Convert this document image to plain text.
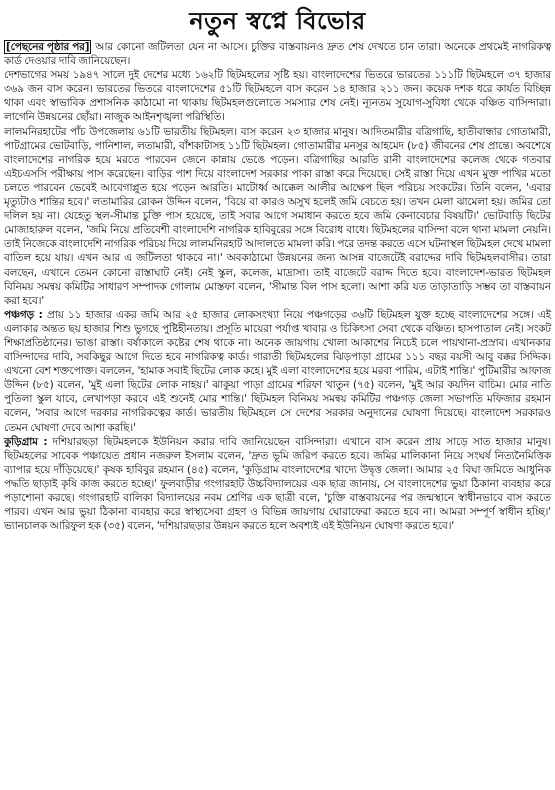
নতুন স্বপ্নে বিভোর

[পেছনের পৃষ্ঠার পর] আর কোনো জটিলতা যেন না আসে। চুক্তির বাস্তবায়নও দ্রুত শেষ দেখতে চান তারা। অনেকে প্রথমেই নাগরিকত্ব কার্ড দেওয়ার দাবি জানিয়েছেন।

দেশভাগের সময় ১৯৪৭ সালে দুই দেশের মধ্যে ১৬২টি ছিটমহলের সৃষ্টি হয়। বাংলাদেশের ভিতরে ভারতের ১১১টি ছিটমহলে ৩৭ হাজার ৩৬৯ জন বাস করেন। ভারতের ভিতরে বাংলাদেশের ৫১টি ছিটমহলে বাস করেন ১৪ হাজার ২১১ জন। কয়েক দশক ধরে কার্যত বিচ্ছিন্ন থাকা এবং স্বাভাবিক প্রশাসনিক কাঠামো না থাকায় ছিটমহলগুলোতে সমস্যার শেষ নেই। ন্যূনতম সুযোগ-সুবিধা থেকে বঞ্চিত বাসিন্দারা। লাগেনি উন্নয়নের ছোঁয়া। নাজুক আইনশৃঙ্খলা পরিস্থিতি।

লালমনিরহাটের পাঁচ উপজেলায় ৬১টি ভারতীয় ছিটমহল। বাস করেন ২৩ হাজার মানুষ। আদিতমারীর বত্রিগাছি, হাতীবান্ধার গোতামারী, পাটগ্রামের ভোটবাড়ি, পানিশাল, লতামারী, বাঁশকাটাসহ ১১টি ছিটমহল। গোতামারীর মনসুর আহমেদ (৮৫) জীবনের শেষ প্রান্তে। অবশেষে বাংলাদেশের নাগরিক হয়ে মরতে পারবেন জেনে কান্নায় ভেঙে পড়েন। বত্রিগাছির আরতি রানী বাংলাদেশের কলেজ থেকে গতবার এইচএসসি পরীক্ষায় পাস করেছেন। বাড়ির পাশ দিয়ে বাংলাদেশ সরকার পাকা রাস্তা করে দিয়েছে। সেই রাস্তা দিয়ে এখন মুক্ত পাখির মতো চলতে পারবেন ভেবেই আবেগাপ্লুত হয়ে পড়েন আরতি। মাটোর্ধ্ব আক্কেল আলীর আক্ষেপ ছিল পরিচয় সংকটের। তিনি বলেন, 'এবার মৃত্যুটাও শান্তির হবে।' লতামারির রোকন উদ্দিন বলেন, 'বিয়ে বা কারও অসুখ হলেই জমি বেচতে হয়। তখন মেলা ঝামেলা হয়। জমির তো দলিল হয় না। যেহেতু স্থল-সীমান্ত চুক্তি পাস হয়েছে, তাই সবার আগে সমাধান করতে হবে জমি কেনাবেচার বিষয়টি।' ভোটবাড়ি ছিটের মোজাহারুল বলেন, 'জমি নিয়ে প্রতিবেশী বাংলাদেশি নাগরিক হাবিবুরের সঙ্গে বিরোধ বাধে। ছিটমহলের বাসিন্দা বলে থানা মামলা নেয়নি। তাই নিজেকে বাংলাদেশি নাগরিক পরিচয় দিয়ে লালমনিরহাট আদালতে মামলা করি। পরে তদন্ত করতে এসে ঘটনাস্থল ছিটমহল দেখে মামলা বাতিল হয়ে যায়। এখন আর এ জটিলতা থাকবে না।' অবকাঠামো উন্নয়নের জন্য আসন্ন বাজেটেই বরাদ্দের দাবি ছিটমহলবাসীর। তারা বলছেন, এখানে তেমন কোনো রাস্তাঘাট নেই। নেই স্কুল, কলেজ, মাদ্রাসা। তাই বাজেটে বরাদ্দ দিতে হবে। বাংলাদেশ-ভারত ছিটমহল বিনিময় সমন্বয় কমিটির সাধারণ সম্পাদক গোলাম মোস্তফা বলেন, 'সীমান্ত বিল পাস হলো। আশা করি যত তাড়াতাড়ি সম্ভব তা বাস্তবায়ন করা হবে।'

পঞ্চগড় : প্রায় ১১ হাজার একর জমি আর ২৫ হাজার লোকসংখ্যা নিয়ে পঞ্চগড়ের ৩৬টি ছিটমহল যুক্ত হচ্ছে বাংলাদেশের সঙ্গে। এই এলাকার অন্তত ছয় হাজার শিশু ভুগছে পুষ্টিহীনতায়। প্রসূতি মায়েরা পর্যাপ্ত খাবার ও চিকিৎসা সেবা থেকে বঞ্চিত। হাসপাতাল নেই। সংকট শিক্ষাপ্রতিষ্ঠানের। ভাঙা রাস্তা। বর্ষাকালে কষ্টের শেষ থাকে না। অনেক জায়গায় খোলা আকাশের নিচেই চলে পায়খানা-প্রস্রাব। এখানকার বাসিন্দাদের দাবি, সবকিছুর আগে দিতে হবে নাগরিকত্ব কার্ড। গারাতী ছিটমহলের ঝিড়পাড়া গ্রামের ১১১ বছর বয়সী আবু বক্কর সিদ্দিক। এখনো বেশ শক্তপোক্ত। বললেন, 'হামাক সবাই ছিটের লোক কহে। মুই এলা বাংলাদেশের হয়ে মরবা পারিম, এটাই শান্তি।' পুটিমারীর আফাজ উদ্দিন (৮৫) বলেন, 'মুই এলা ছিটের লোক নাহয়।' ঝাকুয়া পাড়া গ্রামের শরিফা খাতুন (৭৫) বলেন, 'মুই আর কয়দিন বাচিম। মোর নাতি পুতিলা স্কুল যাবে, লেখাপড়া করবে এই শুনেই মোর শান্তি।' ছিটমহল বিনিময় সমন্বয় কমিটির পঞ্চগড় জেলা সভাপতি মফিজার রহমান বলেন, 'সবার আগে দরকার নাগরিকত্বের কার্ড। ভারতীয় ছিটমহলে সে দেশের সরকার অনুদানের ঘোষণা দিয়েছে। বাংলাদেশ সরকারও তেমন ঘোষণা দেবে আশা করছি।'

কুড়িগ্রাম : দশিয়ারছড়া ছিটমহলকে ইউনিয়ন করার দাবি জানিয়েছেন বাসিন্দারা। এখানে বাস করেন প্রায় সাড়ে সাত হাজার মানুষ। ছিটমহলের সাবেক পঞ্চায়েত প্রধান নজরুল ইসলাম বলেন, 'দ্রুত ভূমি জরিপ করতে হবে। জমির মালিকানা নিয়ে সংঘর্ষ নিত্যনৈমিত্তিক ব্যাপার হয়ে দাঁড়িয়েছে।' কৃষক হাবিবুর রহমান (৪৫) বলেন, 'কুড়িগ্রাম বাংলাদেশের খাদ্যে উদ্বৃত্ত জেলা। আমার ২৫ বিঘা জমিতে আধুনিক পদ্ধতি ছাড়াই কৃষি কাজ করতে হচ্ছে।' ফুলবাড়ীর গংগারহাট উচ্চবিদ্যালয়ের এক ছাত্র জানায়, সে বাংলাদেশের ভুয়া ঠিকানা ব্যবহার করে পড়াশোনা করছে। গংগারহাট বালিকা বিদ্যালয়ের নবম শ্রেণির এক ছাত্রী বলে, 'চুক্তি বাস্তবায়নের পর জন্মস্থানে স্বাধীনভাবে বাস করতে পারব। এখন আর ভুয়া ঠিকানা ব্যবহার করে স্বাস্থ্যসেবা গ্রহণ ও বিভিন্ন জায়গায় ঘোরাফেরা করতে হবে না। আমরা সম্পূর্ণ স্বাধীন হচ্ছি।' ভ্যানচালক আরিফুল হক (৩৫) বলেন, 'দশিয়ারছড়ার উন্নয়ন করতে হলে অবশ্যই এই ইউনিয়ন ঘোষণা করতে হবে।'
